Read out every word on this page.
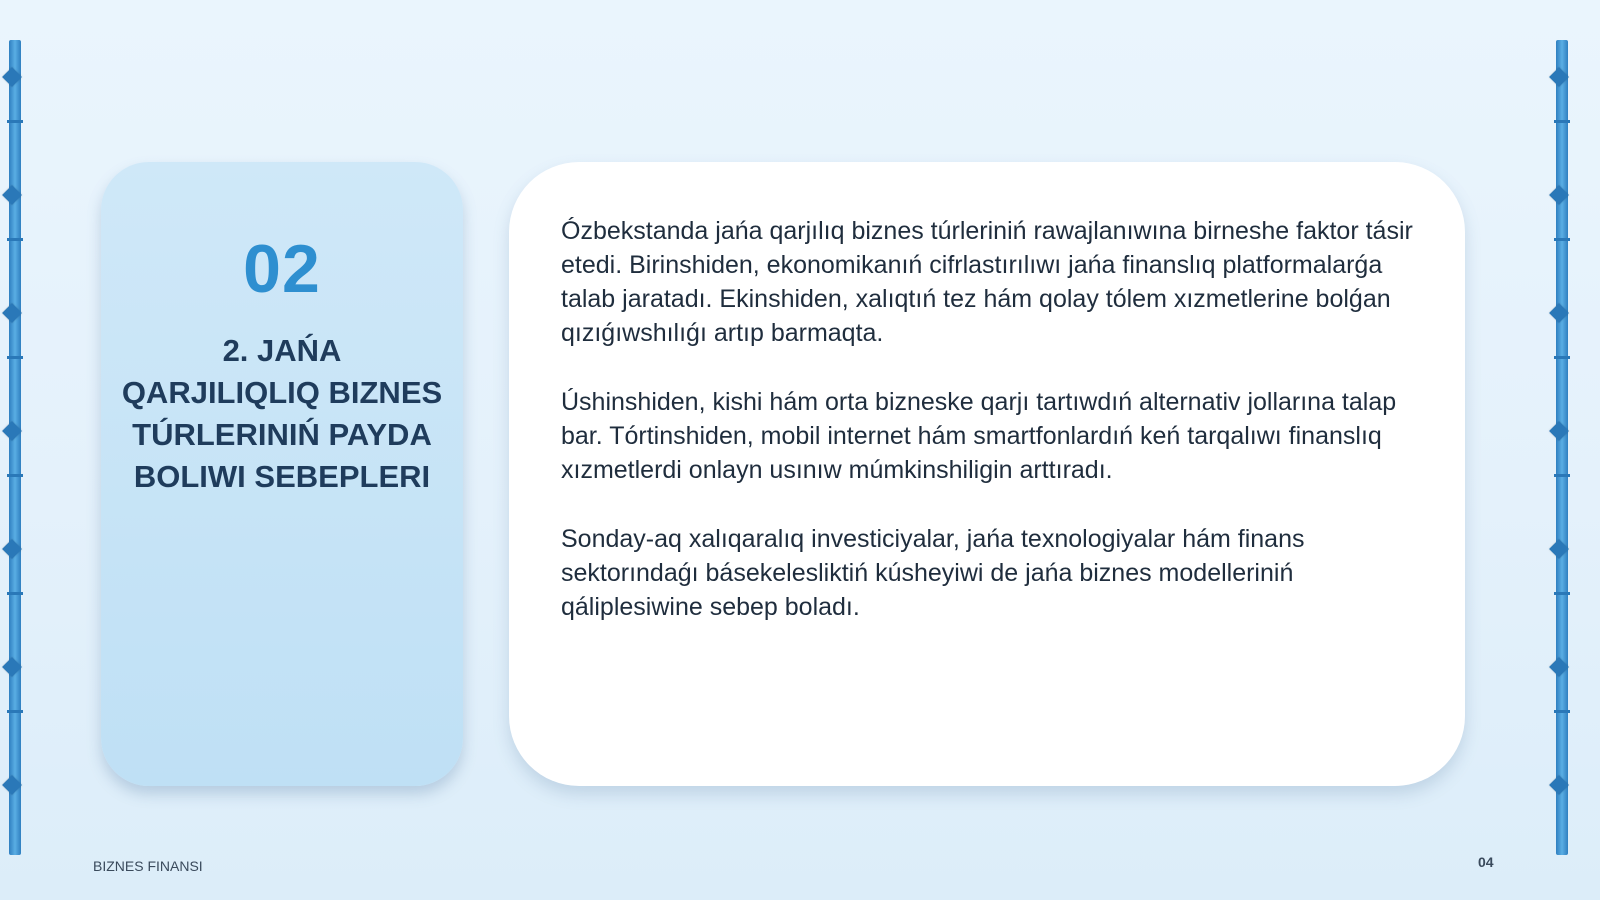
02
2. JAŃA QARJILIQLIQ BIZNES TÚRLERINIŃ PAYDA BOLIWI SEBEPLERI

Ózbekstanda jańa qarjılıq biznes túrleriniń rawajlanıwına birneshe faktor tásir etedi. Birinshiden, ekonomikanıń cifrlastırılıwı jańa finanslıq platformalarǵa talab jaratadı. Ekinshiden, xalıqtıń tez hám qolay tólem xızmetlerine bolǵan qızıǵıwshılıǵı artıp barmaqta.

Úshinshiden, kishi hám orta bizneske qarjı tartıwdıń alternativ jollarına talap bar. Tórtinshiden, mobil internet hám smartfonlardıń keń tarqalıwı finanslıq xızmetlerdi onlayn usınıw múmkinshiligin arttıradı.

Sonday-aq xalıqaralıq investiciyalar, jańa texnologiyalar hám finans sektorındaǵı básekelesliktiń kúsheyiwi de jańa biznes modelleriniń qáliplesiwine sebep boladı.

BIZNES FINANSI	04
